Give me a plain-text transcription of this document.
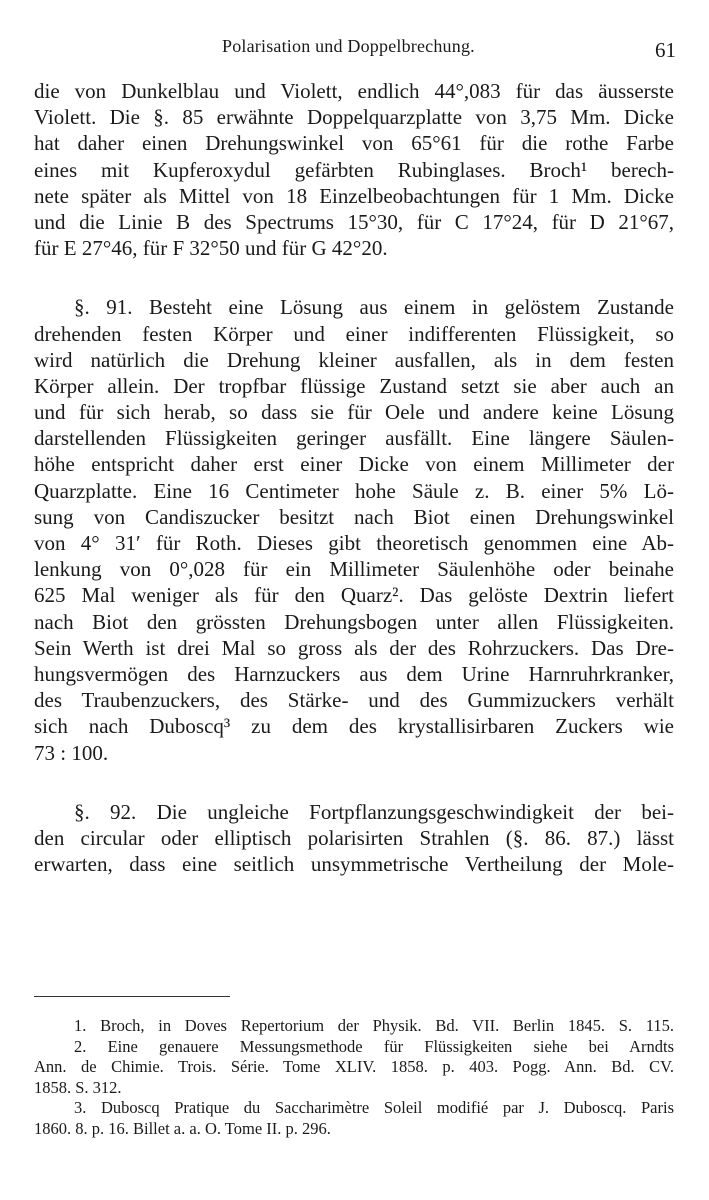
Polarisation und Doppelbrechung.	61
die von Dunkelblau und Violett, endlich 44°,083 für das äusserste
Violett. Die §. 85 erwähnte Doppelquarzplatte von 3,75 Mm. Dicke
hat daher einen Drehungswinkel von 65°61 für die rothe Farbe
eines mit Kupferoxydul gefärbten Rubinglases. Broch¹ berech-
nete später als Mittel von 18 Einzelbeobachtungen für 1 Mm. Dicke
und die Linie B des Spectrums 15°30, für C 17°24, für D 21°67,
für E 27°46, für F 32°50 und für G 42°20.
§. 91. Besteht eine Lösung aus einem in gelöstem Zustande
drehenden festen Körper und einer indifferenten Flüssigkeit, so
wird natürlich die Drehung kleiner ausfallen, als in dem festen
Körper allein. Der tropfbar flüssige Zustand setzt sie aber auch an
und für sich herab, so dass sie für Oele und andere keine Lösung
darstellenden Flüssigkeiten geringer ausfällt. Eine längere Säulen-
höhe entspricht daher erst einer Dicke von einem Millimeter der
Quarzplatte. Eine 16 Centimeter hohe Säule z. B. einer 5% Lö-
sung von Candiszucker besitzt nach Biot einen Drehungswinkel
von 4° 31′ für Roth. Dieses gibt theoretisch genommen eine Ab-
lenkung von 0°,028 für ein Millimeter Säulenhöhe oder beinahe
625 Mal weniger als für den Quarz². Das gelöste Dextrin liefert
nach Biot den grössten Drehungsbogen unter allen Flüssigkeiten.
Sein Werth ist drei Mal so gross als der des Rohrzuckers. Das Dre-
hungsvermögen des Harnzuckers aus dem Urine Harnruhrkranker,
des Traubenzuckers, des Stärke- und des Gummizuckers verhält
sich nach Duboscq³ zu dem des krystallisirbaren Zuckers wie
73 : 100.
§. 92. Die ungleiche Fortpflanzungsgeschwindigkeit der bei-
den circular oder elliptisch polarisirten Strahlen (§. 86. 87.) lässt
erwarten, dass eine seitlich unsymmetrische Vertheilung der Mole-
1. Broch, in Doves Repertorium der Physik. Bd. VII. Berlin 1845. S. 115.
2. Eine genauere Messungsmethode für Flüssigkeiten siehe bei Arndts
Ann. de Chimie. Trois. Série. Tome XLIV. 1858. p. 403. Pogg. Ann. Bd. CV.
1858. S. 312.
3. Duboscq Pratique du Saccharimètre Soleil modifié par J. Duboscq. Paris
1860. 8. p. 16. Billet a. a. O. Tome II. p. 296.
